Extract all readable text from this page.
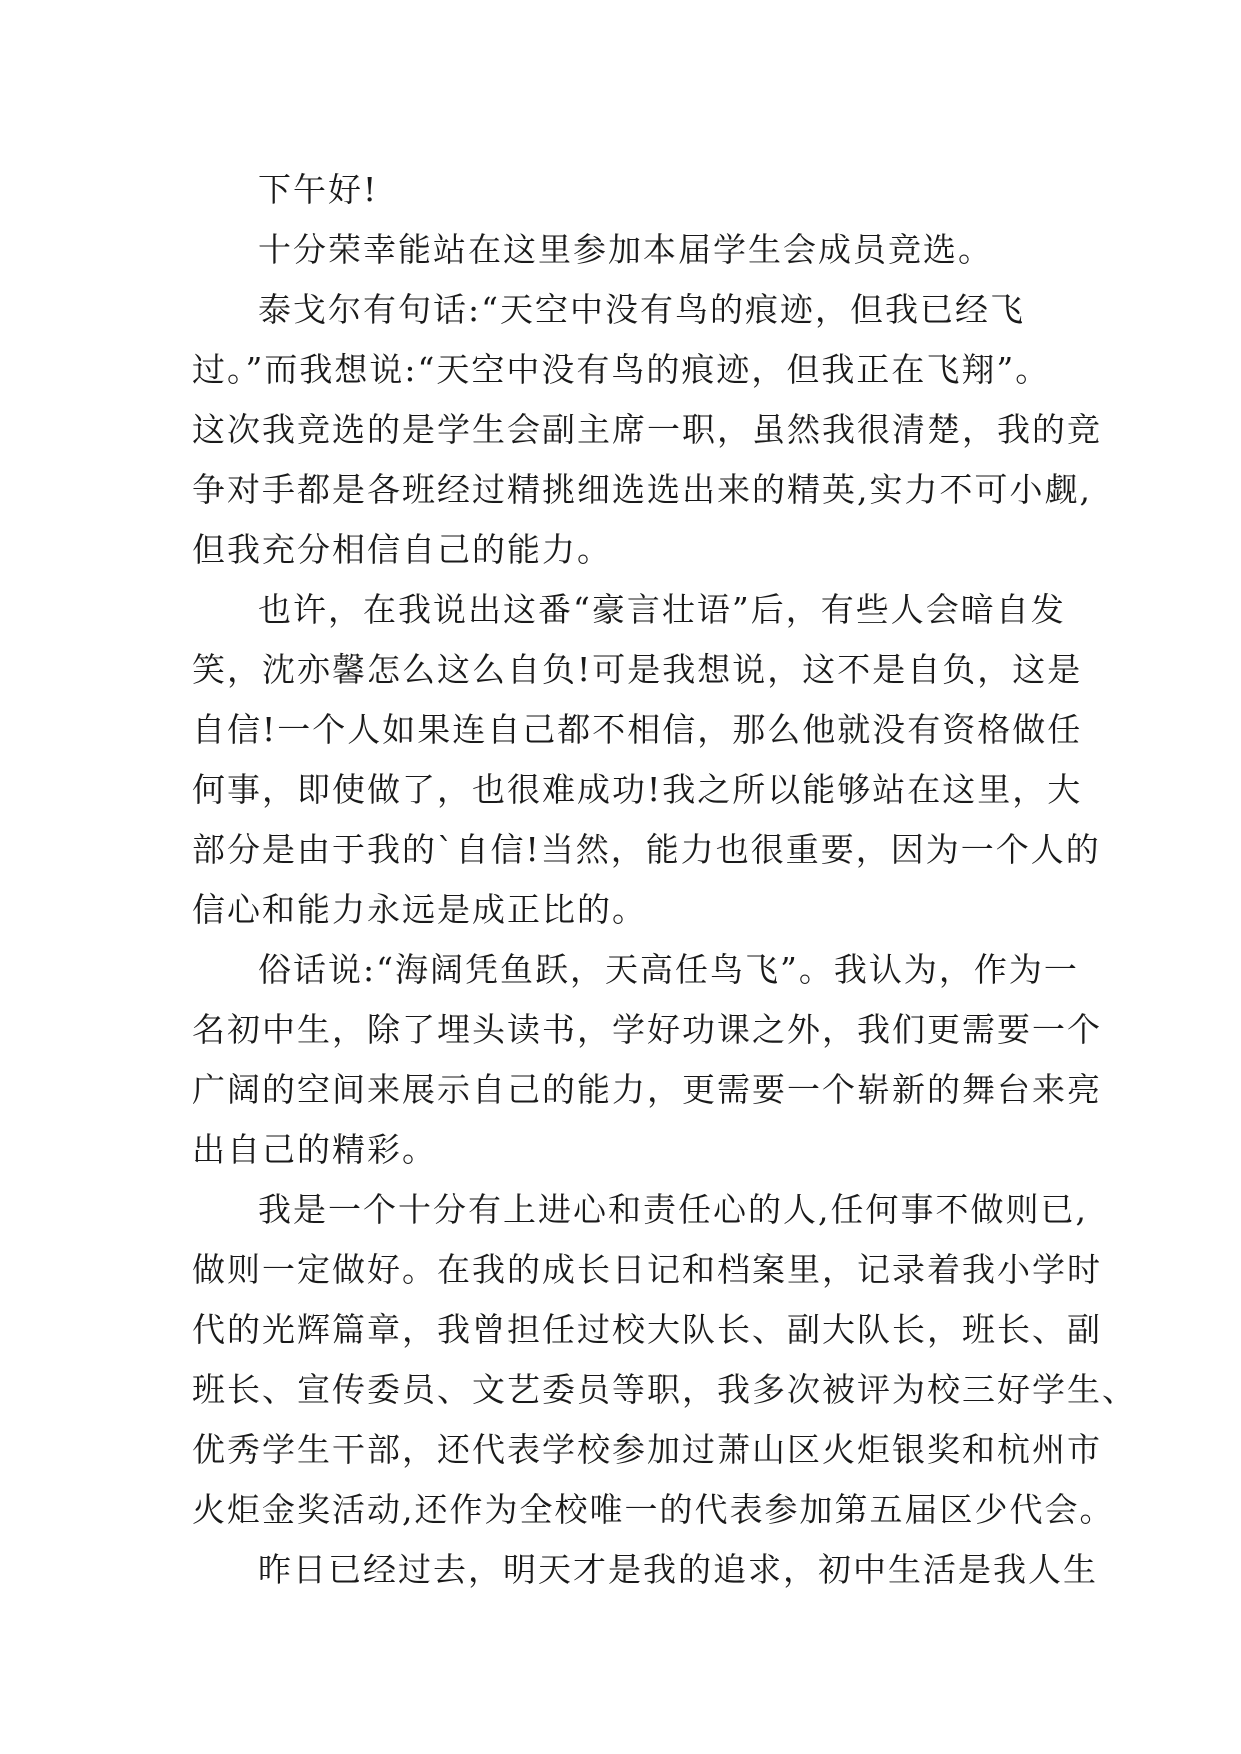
下午好!

十分荣幸能站在这里参加本届学生会成员竞选。

泰戈尔有句话:“天空中没有鸟的痕迹，但我已经飞
过。”而我想说:“天空中没有鸟的痕迹，但我正在飞翔”。
这次我竞选的是学生会副主席一职，虽然我很清楚，我的竞
争对手都是各班经过精挑细选选出来的精英,实力不可小觑,
但我充分相信自己的能力。

也许，在我说出这番“豪言壮语”后，有些人会暗自发
笑，沈亦馨怎么这么自负!可是我想说，这不是自负，这是
自信!一个人如果连自己都不相信，那么他就没有资格做任
何事，即使做了，也很难成功!我之所以能够站在这里，大
部分是由于我的`自信!当然，能力也很重要，因为一个人的
信心和能力永远是成正比的。

俗话说:“海阔凭鱼跃，天高任鸟飞”。我认为，作为一
名初中生，除了埋头读书，学好功课之外，我们更需要一个
广阔的空间来展示自己的能力，更需要一个崭新的舞台来亮
出自己的精彩。

我是一个十分有上进心和责任心的人,任何事不做则已,
做则一定做好。在我的成长日记和档案里，记录着我小学时
代的光辉篇章，我曾担任过校大队长、副大队长，班长、副
班长、宣传委员、文艺委员等职，我多次被评为校三好学生、
优秀学生干部，还代表学校参加过萧山区火炬银奖和杭州市
火炬金奖活动,还作为全校唯一的代表参加第五届区少代会。

昨日已经过去，明天才是我的追求，初中生活是我人生
